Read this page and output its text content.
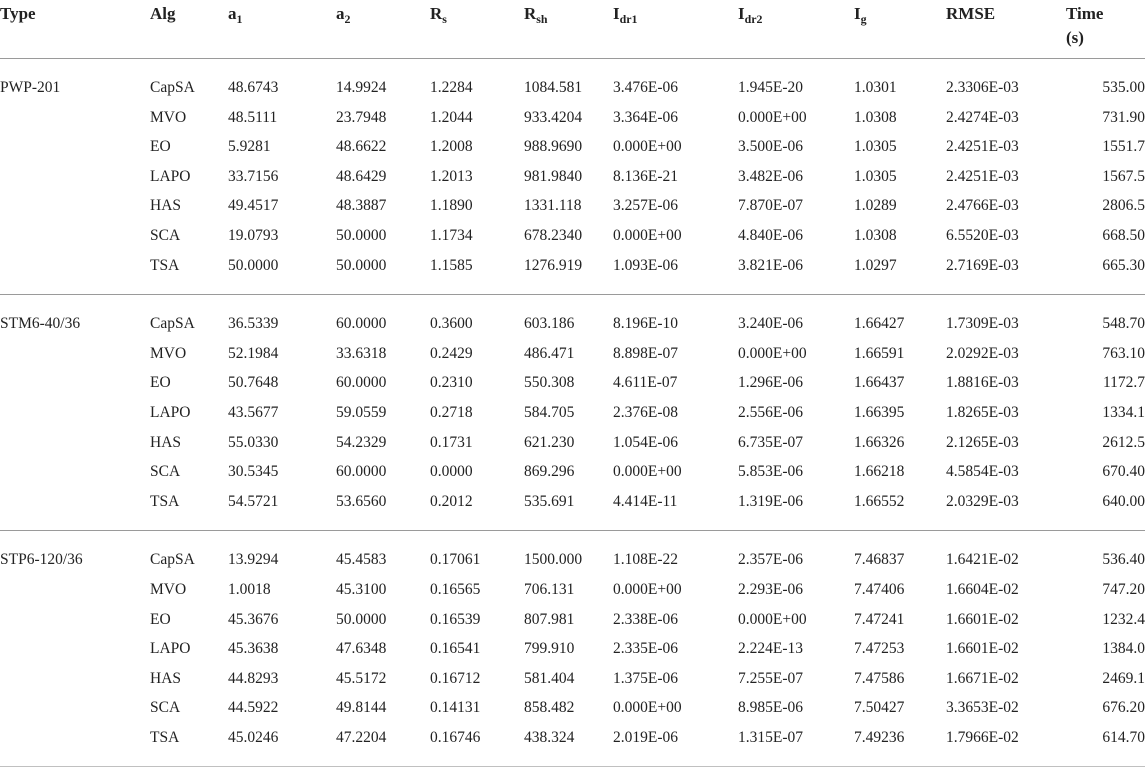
Type	Alg	$a_1$	$a_2$	$R_s$	$R_{sh}$	$I_{dr1}$	$I_{dr2}$	$I_g$	RMSE	Time
(s)
PWP-201	CapSA	48.6743	14.9924	1.2284	1084.581	3.476E-06	1.945E-20	1.0301	2.3306E-03	535.00
	MVO	48.5111	23.7948	1.2044	933.4204	3.364E-06	0.000E+00	1.0308	2.4274E-03	731.90
	EO	5.9281	48.6622	1.2008	988.9690	0.000E+00	3.500E-06	1.0305	2.4251E-03	1551.7
	LAPO	33.7156	48.6429	1.2013	981.9840	8.136E-21	3.482E-06	1.0305	2.4251E-03	1567.5
	HAS	49.4517	48.3887	1.1890	1331.118	3.257E-06	7.870E-07	1.0289	2.4766E-03	2806.5
	SCA	19.0793	50.0000	1.1734	678.2340	0.000E+00	4.840E-06	1.0308	6.5520E-03	668.50
	TSA	50.0000	50.0000	1.1585	1276.919	1.093E-06	3.821E-06	1.0297	2.7169E-03	665.30
STM6-40/36	CapSA	36.5339	60.0000	0.3600	603.186	8.196E-10	3.240E-06	1.66427	1.7309E-03	548.70
	MVO	52.1984	33.6318	0.2429	486.471	8.898E-07	0.000E+00	1.66591	2.0292E-03	763.10
	EO	50.7648	60.0000	0.2310	550.308	4.611E-07	1.296E-06	1.66437	1.8816E-03	1172.7
	LAPO	43.5677	59.0559	0.2718	584.705	2.376E-08	2.556E-06	1.66395	1.8265E-03	1334.1
	HAS	55.0330	54.2329	0.1731	621.230	1.054E-06	6.735E-07	1.66326	2.1265E-03	2612.5
	SCA	30.5345	60.0000	0.0000	869.296	0.000E+00	5.853E-06	1.66218	4.5854E-03	670.40
	TSA	54.5721	53.6560	0.2012	535.691	4.414E-11	1.319E-06	1.66552	2.0329E-03	640.00
STP6-120/36	CapSA	13.9294	45.4583	0.17061	1500.000	1.108E-22	2.357E-06	7.46837	1.6421E-02	536.40
	MVO	1.0018	45.3100	0.16565	706.131	0.000E+00	2.293E-06	7.47406	1.6604E-02	747.20
	EO	45.3676	50.0000	0.16539	807.981	2.338E-06	0.000E+00	7.47241	1.6601E-02	1232.4
	LAPO	45.3638	47.6348	0.16541	799.910	2.335E-06	2.224E-13	7.47253	1.6601E-02	1384.0
	HAS	44.8293	45.5172	0.16712	581.404	1.375E-06	7.255E-07	7.47586	1.6671E-02	2469.1
	SCA	44.5922	49.8144	0.14131	858.482	0.000E+00	8.985E-06	7.50427	3.3653E-02	676.20
	TSA	45.0246	47.2204	0.16746	438.324	2.019E-06	1.315E-07	7.49236	1.7966E-02	614.70
